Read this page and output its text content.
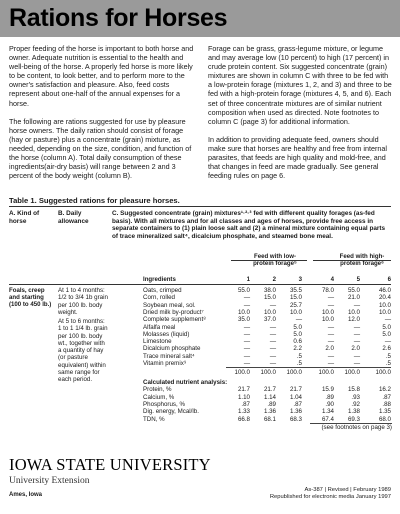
Rations for Horses

Proper feeding of the horse is important to both horse and owner. Adequate nutrition is essential to the health and well-being of the horse. A properly fed horse is more likely to be content, to look better, and to perform more to the owner's satisfaction and pleasure. Also, feed costs represent about one-half of the annual expenses for a horse.

The following are rations suggested for use by pleasure horse owners. The daily ration should consist of forage (hay or pasture) plus a concentrate (grain) mixture, as needed, depending on the size, condition, and function of the horse (column A). Total daily consumption of these ingredients(air-dry basis) will range between 2 and 3 percent of the body weight (column B).

Forage can be grass, grass-legume mixture, or legume and may average low (10 percent) to high (17 percent) in crude protein content. Six suggested concentrate (grain) mixtures are shown in column C with three to be fed with a low-protein forage (mixtures 1, 2, and 3) and three to be fed with a high-protein forage (mixtures 4, 5, and 6). Each set of three concentrate mixtures are of similar nutrient composition when used as directed. Note footnotes to column C (page 3) for additional information.

In addition to providing adequate feed, owners should make sure that horses are healthy and free from internal parasites, that feeds are high quality and mold-free, and that changes in feed are made gradually. See general feeding rules on page 6.

Table 1. Suggested rations for pleasure horses.
A. Kind of horse
B. Daily allowance
C. Suggested concentrate (grain) mixtures¹·²·³ fed with different quality forages (as-fed basis). With all mixtures and for all classes and ages of horses, provide free access in separate containers to (1) plain loose salt and (2) a mineral mixture containing equal parts of trace mineralized salt⁴, dicalcium phosphate, and steamed bone meal.
Feed with low-protein forage⁵
Feed with high-protein forage⁶
Ingredients	1	2	3	4	5	6
Foals, creep and starting (100 to 450 lb.)
At 1 to 4 months: 1/2 to 3/4 1b grain per 100 lb. body weight.
At 5 to 6 months: 1 to 1 1/4 lb. grain per 100 lb. body wt., together with a quantity of hay (or pasture equivalent) within same range for each period.
Oats, crimped	55.0	38.0	35.5	78.0	55.0	46.0
Corn, rolled	—	15.0	15.0	—	21.0	20.4
Soybean meal, sol.	—	—	25.7	—	—	10.0
Dried milk by-product⁷	10.0	10.0	10.0	10.0	10.0	10.0
Complete supplement⁸	35.0	37.0	—	10.0	12.0	—
Alfalfa meal	—	—	5.0	—	—	5.0
Molasses (liquid)	—	—	5.0	—	—	5.0
Limestone	—	—	0.6	—	—	—
Dicalcium phosphate	—	—	2.2	2.0	2.0	2.6
Trace mineral salt⁴	—	—	.5	—	—	.5
Vitamin premix⁹	—	—	.5	—	—	.5
100.0	100.0	100.0	100.0	100.0	100.0
Calculated nutrient analysis:
Protein, %	21.7	21.7	21.7	15.9	15.8	16.2
Calcium, %	1.10	1.14	1.04	.89	.93	.87
Phosphorus, %	.87	.89	.87	.90	.92	.88
Dig. energy, Mcal/lb.	1.33	1.36	1.36	1.34	1.38	1.35
TDN, %	66.8	68.1	68.3	67.4	69.3	68.0
(see footnotes on page 3)
IOWA STATE UNIVERSITY
University Extension
Ames, Iowa
As-387 | Revised | February 1989
Republished for electronic media January 1997
